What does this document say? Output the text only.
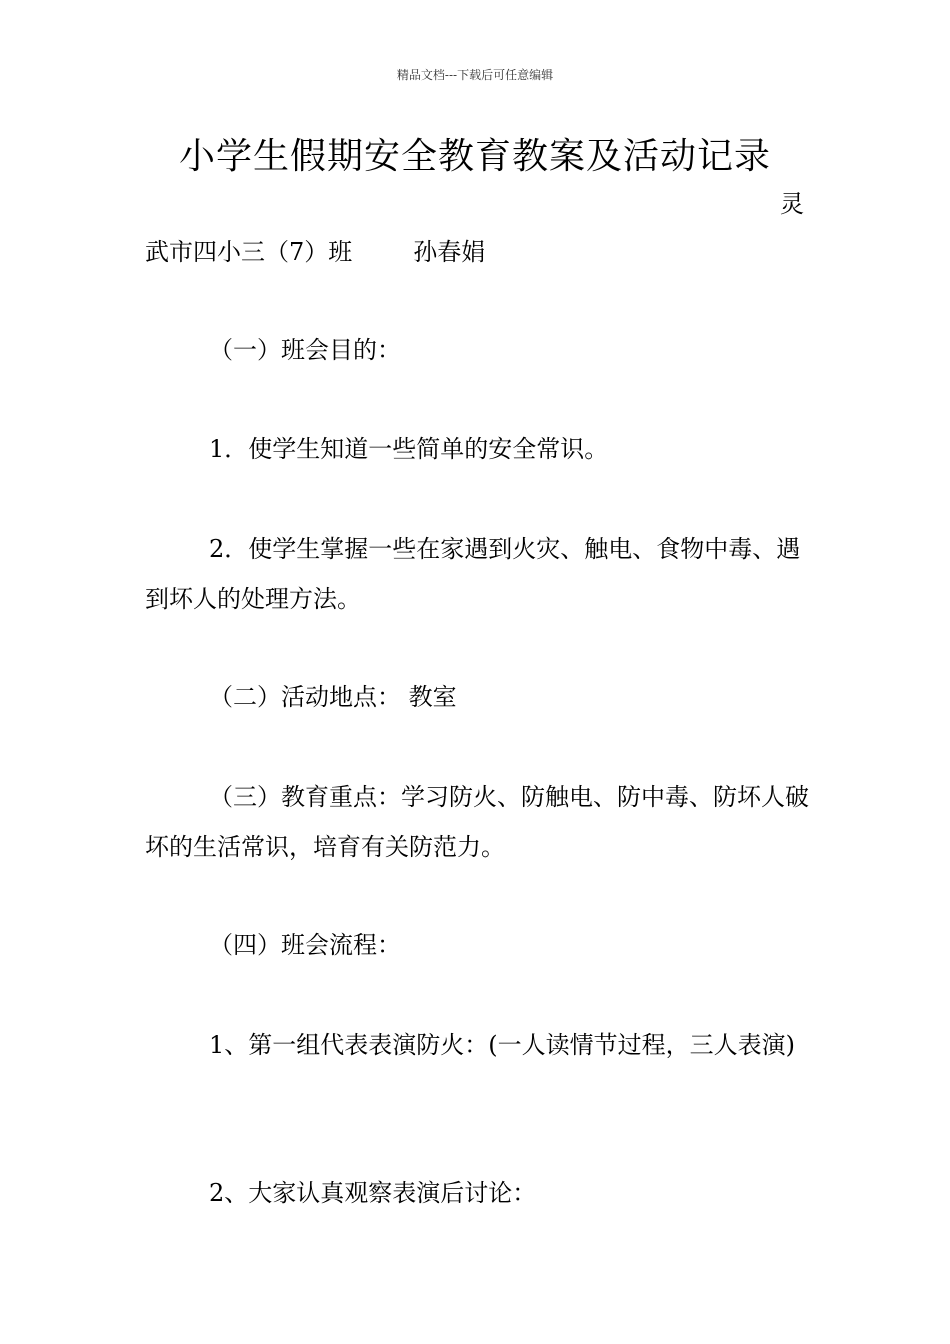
精品文档---下载后可任意编辑
小学生假期安全教育教案及活动记录
灵
武市四小三（7）班        孙春娟

（一）班会目的：

1．使学生知道一些简单的安全常识。

2．使学生掌握一些在家遇到火灾、触电、食物中毒、遇到坏人的处理方法。

（二）活动地点： 教室

（三）教育重点：学习防火、防触电、防中毒、防坏人破坏的生活常识，培育有关防范力。

（四）班会流程：

1、第一组代表表演防火：(一人读情节过程，三人表演)

2、大家认真观察表演后讨论：
